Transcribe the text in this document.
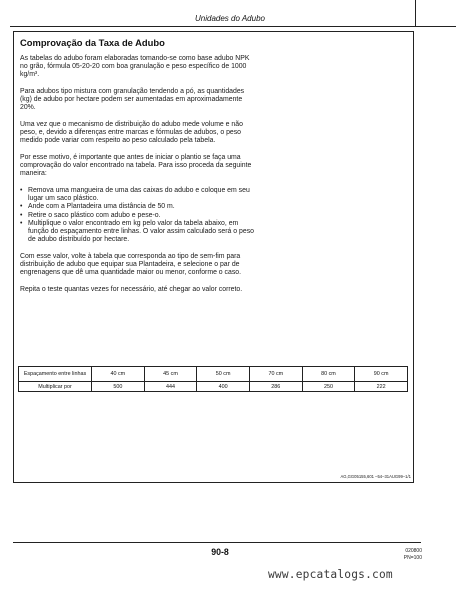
Unidades do Adubo
Comprovação da Taxa de Adubo

As tabelas do adubo foram elaboradas tomando-se como base adubo NPK no grão, fórmula 05-20-20 com boa granulação e peso específico de 1000 kg/m³.

Para adubos tipo mistura com granulação tendendo a pó, as quantidades (kg) de adubo por hectare podem ser aumentadas em aproximadamente 20%.

Uma vez que o mecanismo de distribuição do adubo mede volume e não peso, e, devido a diferenças entre marcas e fórmulas de adubos, o peso medido pode variar com respeito ao peso calculado pela tabela.

Por esse motivo, é importante que antes de iniciar o plantio se faça uma comprovação do valor encontrado na tabela. Para isso proceda da seguinte maneira:

• Remova uma mangueira de uma das caixas do adubo e coloque em seu lugar um saco plástico.
• Ande com a Plantadeira uma distância de 50 m.
• Retire o saco plástico com adubo e pese-o.
• Multiplique o valor encontrado em kg pelo valor da tabela abaixo, em função do espaçamento entre linhas. O valor assim calculado será o peso de adubo distribuído por hectare.

Com esse valor, volte à tabela que corresponda ao tipo de sem-fim para distribuição de adubo que equipar sua Plantadeira, e selecione o par de engrenagens que dê uma quantidade maior ou menor, conforme o caso.

Repita o teste quantas vezes for necessário, até chegar ao valor correto.

Espaçamento entre linhas	40 cm	45 cm	50 cm	70 cm	80 cm	90 cm
Multiplicar por	500	444	400	286	250	222
AG,GG05155,601 –54–31AUG99–1/1
90-8	020800
PN=100
www.epcatalogs.com
